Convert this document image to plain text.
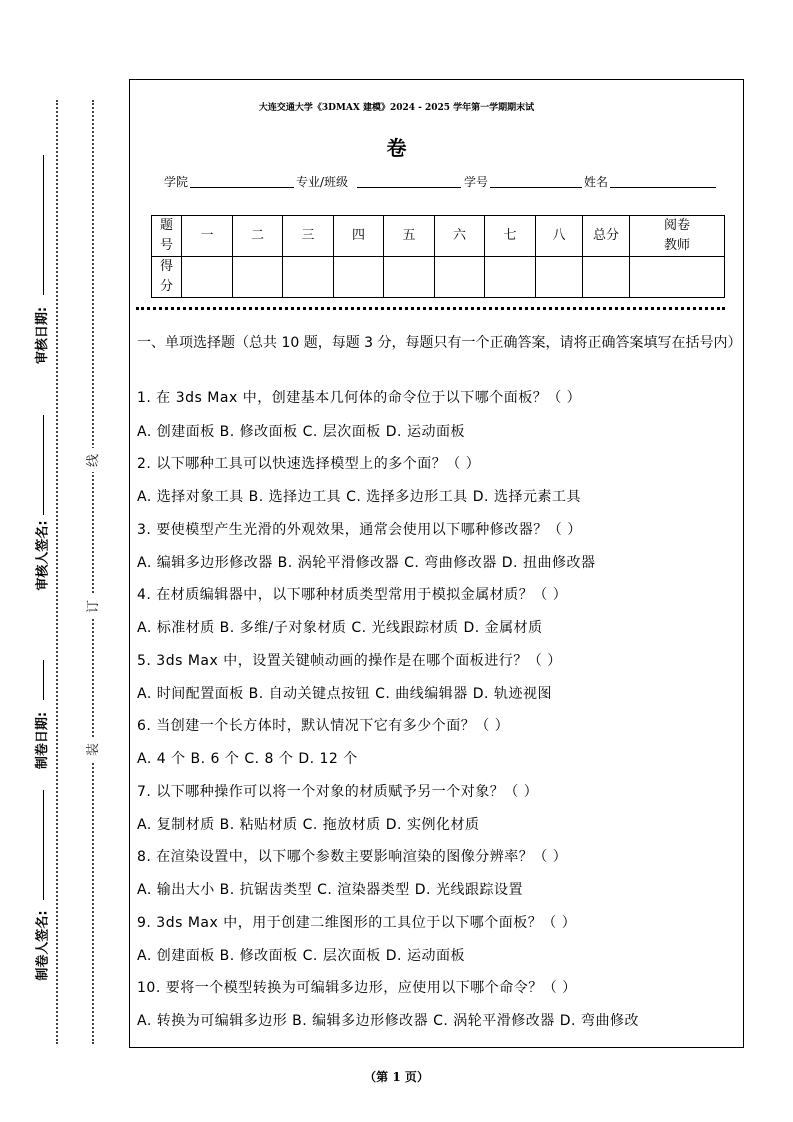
审核日期:
审核人签名:
制卷日期:
制卷人签名:
线
订
装
大连交通大学《3DMAX 建模》2024 - 2025 学年第一学期期末试
卷
学院	专业/班级	学号	姓名
题号	一	二	三	四	五	六	七	八	总分	阅卷教师
得分										
一、单项选择题（总共 10 题，每题 3 分，每题只有一个正确答案，请将正确答案填写在括号内）
1. 在 3ds Max 中，创建基本几何体的命令位于以下哪个面板？（ ）
A. 创建面板 B. 修改面板 C. 层次面板 D. 运动面板
2. 以下哪种工具可以快速选择模型上的多个面？（ ）
A. 选择对象工具 B. 选择边工具 C. 选择多边形工具 D. 选择元素工具
3. 要使模型产生光滑的外观效果，通常会使用以下哪种修改器？（ ）
A. 编辑多边形修改器 B. 涡轮平滑修改器 C. 弯曲修改器 D. 扭曲修改器
4. 在材质编辑器中，以下哪种材质类型常用于模拟金属材质？（ ）
A. 标准材质 B. 多维/子对象材质 C. 光线跟踪材质 D. 金属材质
5. 3ds Max 中，设置关键帧动画的操作是在哪个面板进行？（ ）
A. 时间配置面板 B. 自动关键点按钮 C. 曲线编辑器 D. 轨迹视图
6. 当创建一个长方体时，默认情况下它有多少个面？（ ）
A. 4 个 B. 6 个 C. 8 个 D. 12 个
7. 以下哪种操作可以将一个对象的材质赋予另一个对象？（ ）
A. 复制材质 B. 粘贴材质 C. 拖放材质 D. 实例化材质
8. 在渲染设置中，以下哪个参数主要影响渲染的图像分辨率？（ ）
A. 输出大小 B. 抗锯齿类型 C. 渲染器类型 D. 光线跟踪设置
9. 3ds Max 中，用于创建二维图形的工具位于以下哪个面板？（ ）
A. 创建面板 B. 修改面板 C. 层次面板 D. 运动面板
10. 要将一个模型转换为可编辑多边形，应使用以下哪个命令？（ ）
A. 转换为可编辑多边形 B. 编辑多边形修改器 C. 涡轮平滑修改器 D. 弯曲修改
（第 1 页）
